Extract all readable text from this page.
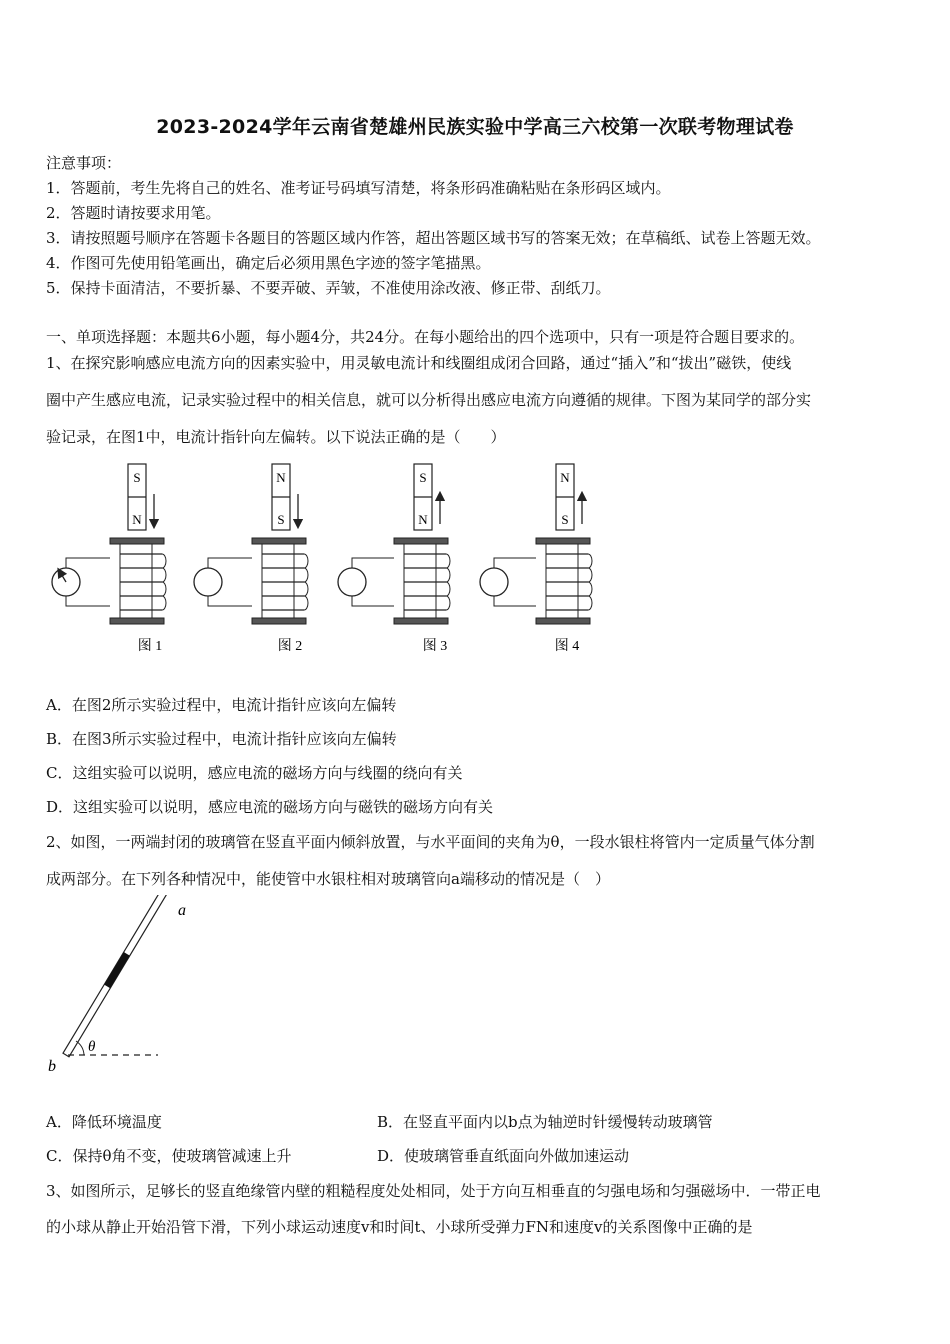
2023-2024学年云南省楚雄州民族实验中学高三六校第一次联考物理试卷
注意事项：
1．答题前，考生先将自己的姓名、准考证号码填写清楚，将条形码准确粘贴在条形码区域内。
2．答题时请按要求用笔。
3．请按照题号顺序在答题卡各题目的答题区域内作答，超出答题区域书写的答案无效；在草稿纸、试卷上答题无效。
4．作图可先使用铅笔画出，确定后必须用黑色字迹的签字笔描黑。
5．保持卡面清洁，不要折暴、不要弄破、弄皱，不准使用涂改液、修正带、刮纸刀。
一、单项选择题：本题共6小题，每小题4分，共24分。在每小题给出的四个选项中，只有一项是符合题目要求的。
1、在探究影响感应电流方向的因素实验中，用灵敏电流计和线圈组成闭合回路，通过“插入”和“拔出”磁铁，使线
圈中产生感应电流，记录实验过程中的相关信息，就可以分析得出感应电流方向遵循的规律。下图为某同学的部分实
验记录，在图1中，电流计指针向左偏转。以下说法正确的是（　　）
S
N
图 1
N
S
图 2
S
N
图 3
N
S
图 4
A．在图2所示实验过程中，电流计指针应该向左偏转
B．在图3所示实验过程中，电流计指针应该向左偏转
C．这组实验可以说明，感应电流的磁场方向与线圈的绕向有关
D．这组实验可以说明，感应电流的磁场方向与磁铁的磁场方向有关
2、如图，一两端封闭的玻璃管在竖直平面内倾斜放置，与水平面间的夹角为θ，一段水银柱将管内一定质量气体分割
成两部分。在下列各种情况中，能使管中水银柱相对玻璃管向a端移动的情况是（　）
θ
a
b
A．降低环境温度	B．在竖直平面内以b点为轴逆时针缓慢转动玻璃管
C．保持θ角不变，使玻璃管减速上升	D．使玻璃管垂直纸面向外做加速运动
3、如图所示，足够长的竖直绝缘管内壁的粗糙程度处处相同，处于方向互相垂直的匀强电场和匀强磁场中．一带正电
的小球从静止开始沿管下滑，下列小球运动速度v和时间t、小球所受弹力FN和速度v的关系图像中正确的是
